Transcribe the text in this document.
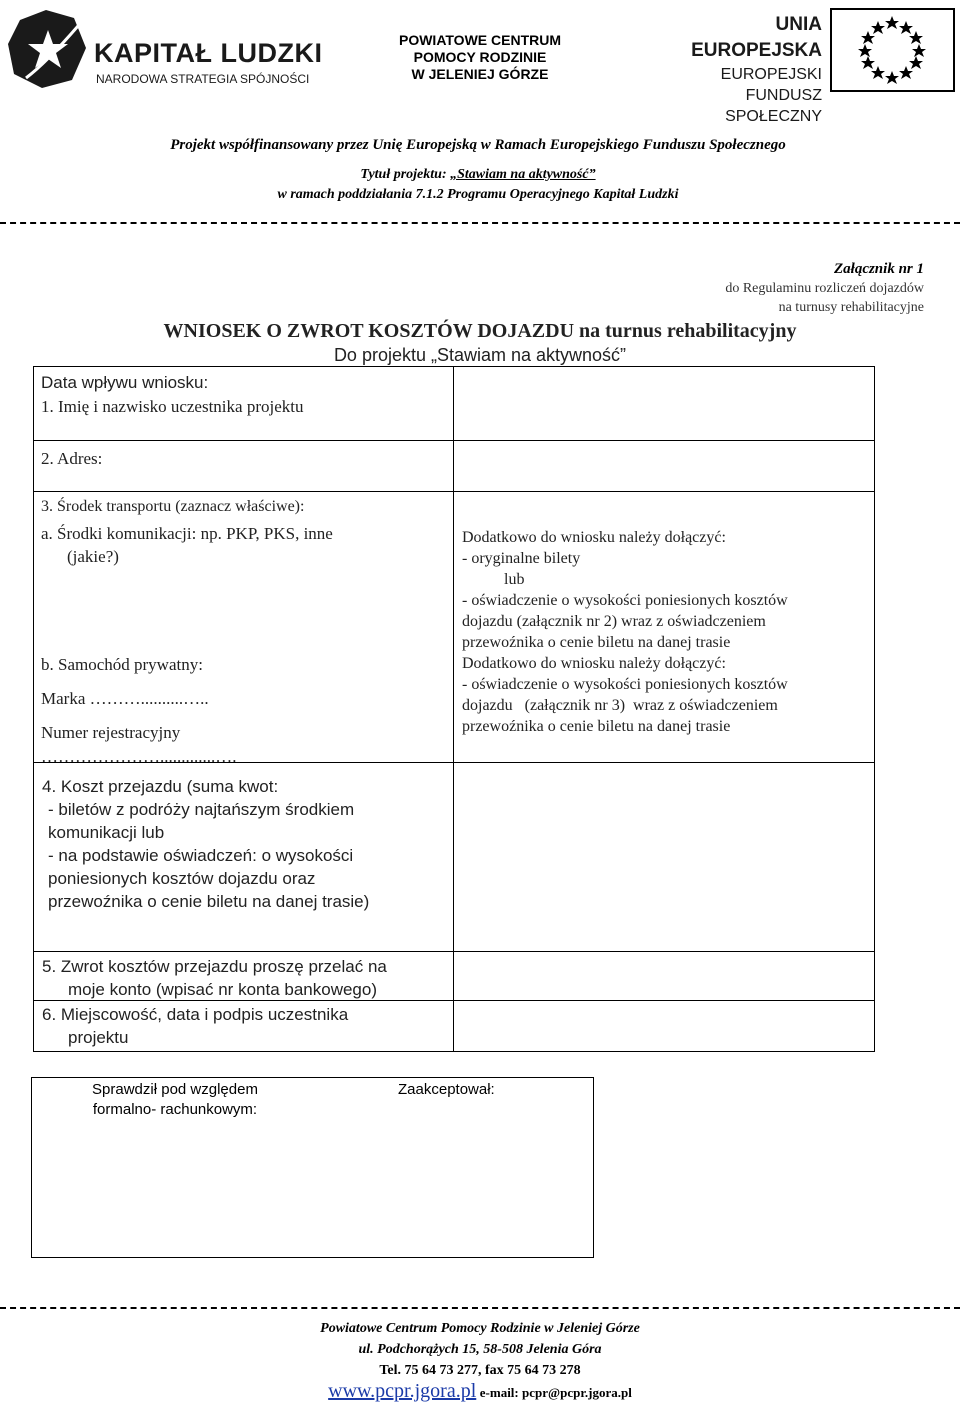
KAPITAŁ LUDZKI
NARODOWA STRATEGIA SPÓJNOŚCI
POWIATOWE CENTRUM
POMOCY RODZINIE
W JELENIEJ GÓRZE
UNIA EUROPEJSKA
EUROPEJSKI
FUNDUSZ SPOŁECZNY
Projekt współfinansowany przez Unię Europejską w Ramach Europejskiego Funduszu Społecznego
Tytuł projektu: „Stawiam na aktywność”
w ramach poddziałania 7.1.2 Programu Operacyjnego Kapitał Ludzki
Załącznik nr 1
do Regulaminu rozliczeń dojazdów
na turnusy rehabilitacyjne
WNIOSEK O ZWROT KOSZTÓW DOJAZDU na turnus rehabilitacyjny
Do projektu „Stawiam na aktywność”
Data wpływu wniosku:
1. Imię i nazwisko uczestnika projektu
2. Adres:
3. Środek transportu (zaznacz właściwe):
a. Środki komunikacji: np. PKP, PKS, inne
(jakie?)
b. Samochód prywatny:
Marka ………..........…..
Numer rejestracyjny
………………….............….
Dodatkowo do wniosku należy dołączyć:
- oryginalne bilety
lub
- oświadczenie o wysokości poniesionych kosztów
dojazdu (załącznik nr 2) wraz z oświadczeniem
przewoźnika o cenie biletu na danej trasie
Dodatkowo do wniosku należy dołączyć:
- oświadczenie o wysokości poniesionych kosztów
dojazdu   (załącznik nr 3)  wraz z oświadczeniem
przewoźnika o cenie biletu na danej trasie
4. Koszt przejazdu (suma kwot:
- biletów z podróży najtańszym środkiem
komunikacji lub
- na podstawie oświadczeń: o wysokości
poniesionych kosztów dojazdu oraz
przewoźnika o cenie biletu na danej trasie)
5. Zwrot kosztów przejazdu proszę przelać na
moje konto (wpisać nr konta bankowego)
6. Miejscowość, data i podpis uczestnika
projektu
Sprawdził pod względem
formalno- rachunkowym:
Zaakceptował:
Powiatowe Centrum Pomocy Rodzinie w Jeleniej Górze
ul. Podchorążych 15, 58-508 Jelenia Góra
Tel. 75 64 73 277, fax 75 64 73 278
www.pcpr.jgora.pl e-mail: pcpr@pcpr.jgora.pl
